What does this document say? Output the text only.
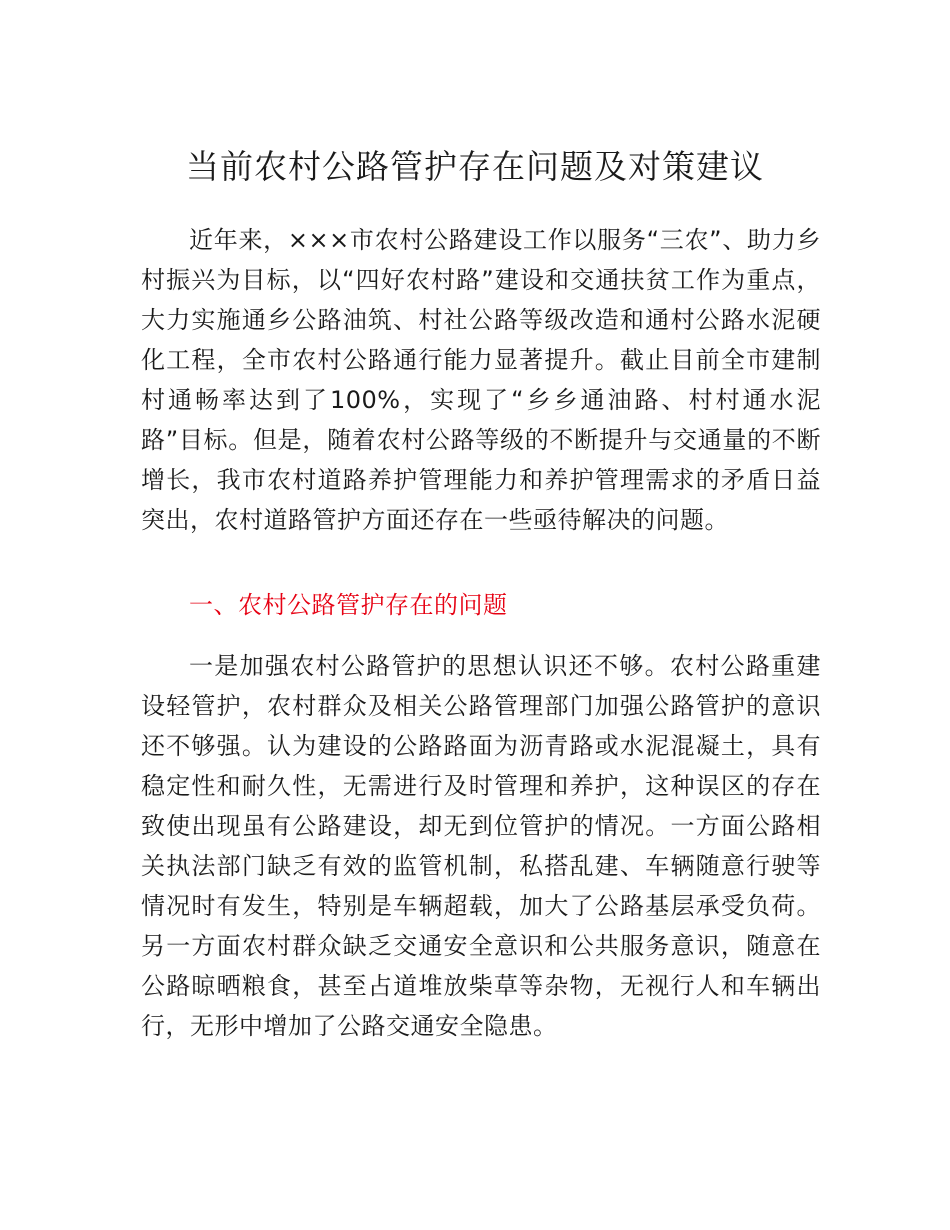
当前农村公路管护存在问题及对策建议
近年来，×××市农村公路建设工作以服务“三农”、助力乡村振兴为目标，以“四好农村路”建设和交通扶贫工作为重点，大力实施通乡公路油筑、村社公路等级改造和通村公路水泥硬化工程，全市农村公路通行能力显著提升。截止目前全市建制村通畅率达到了100%，实现了“乡乡通油路、村村通水泥路”目标。但是，随着农村公路等级的不断提升与交通量的不断增长，我市农村道路养护管理能力和养护管理需求的矛盾日益突出，农村道路管护方面还存在一些亟待解决的问题。
一、农村公路管护存在的问题
一是加强农村公路管护的思想认识还不够。农村公路重建设轻管护，农村群众及相关公路管理部门加强公路管护的意识还不够强。认为建设的公路路面为沥青路或水泥混凝土，具有稳定性和耐久性，无需进行及时管理和养护，这种误区的存在致使出现虽有公路建设，却无到位管护的情况。一方面公路相关执法部门缺乏有效的监管机制，私搭乱建、车辆随意行驶等情况时有发生，特别是车辆超载，加大了公路基层承受负荷。另一方面农村群众缺乏交通安全意识和公共服务意识，随意在公路晾晒粮食，甚至占道堆放柴草等杂物，无视行人和车辆出行，无形中增加了公路交通安全隐患。
